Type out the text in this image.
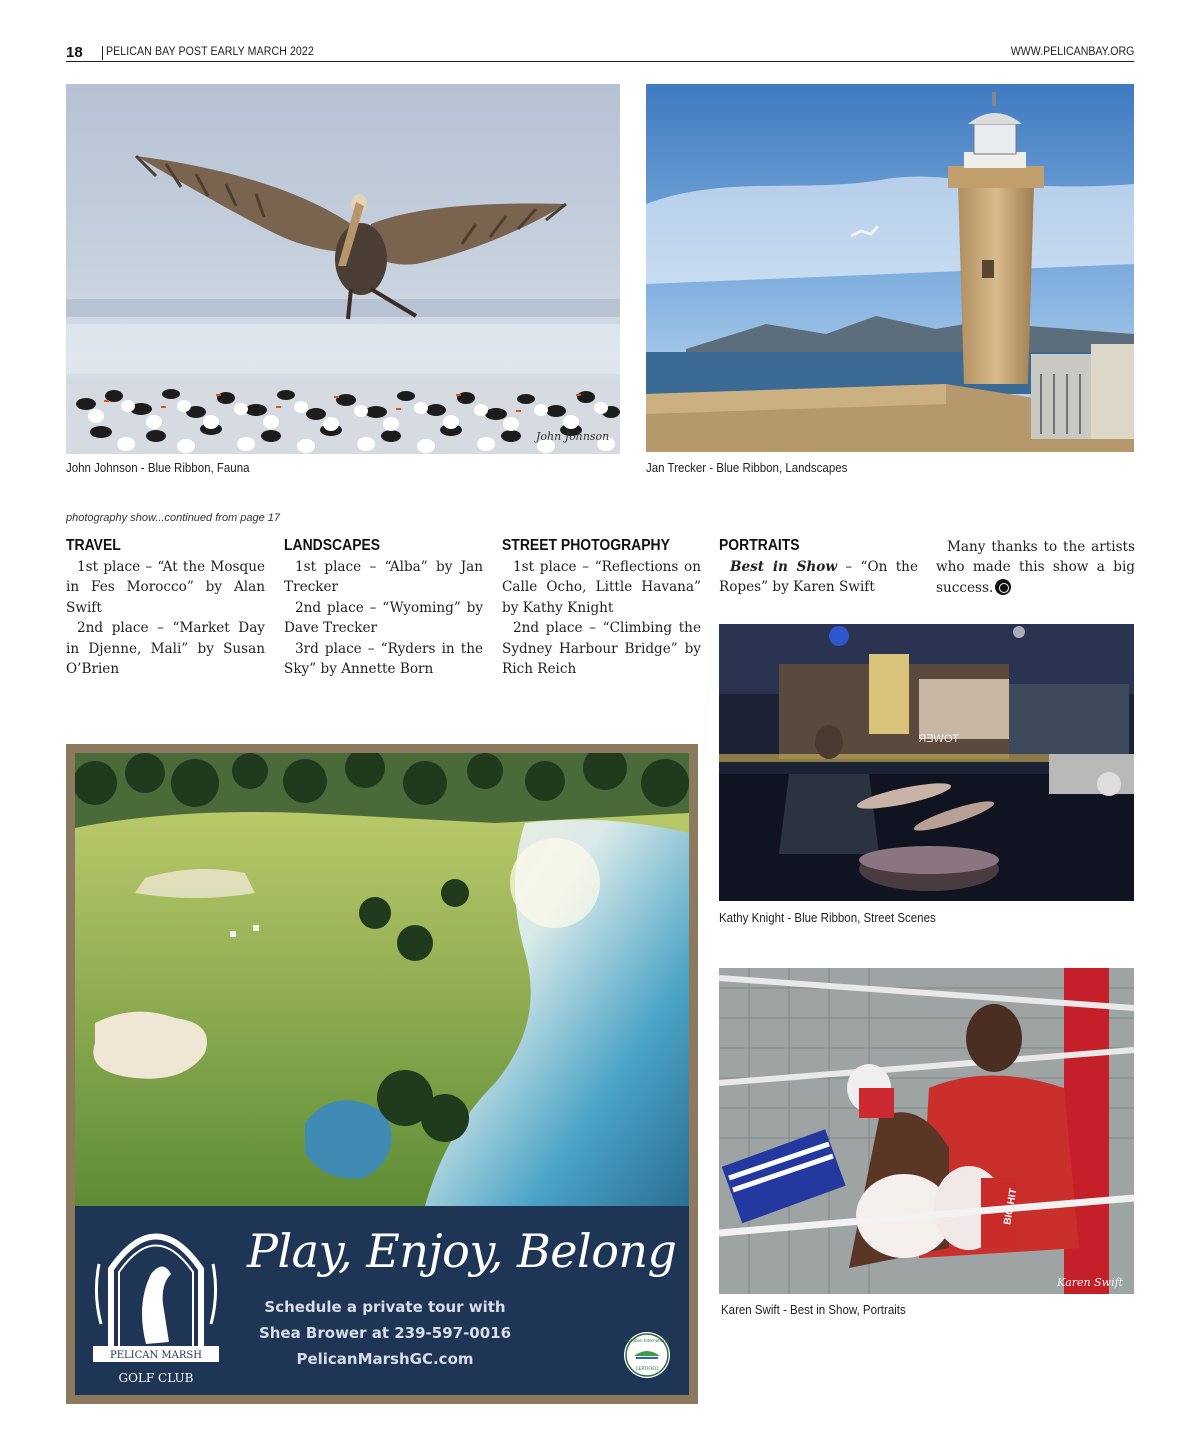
18 PELICAN BAY POST EARLY MARCH 2022	WWW.PELICANBAY.ORG
John Johnson
John Johnson - Blue Ribbon, Fauna	Jan Trecker - Blue Ribbon, Landscapes
photography show...continued from page 17
TRAVEL

1st place – “At the Mosque in Fes Morocco” by Alan Swift

2nd place – “Market Day in Djenne, Mali” by Susan O’Brien

LANDSCAPES

1st place – “Alba” by Jan Trecker

2nd place – “Wyoming” by Dave Trecker

3rd place – “Ryders in the Sky” by Annette Born

STREET PHOTOGRAPHY

1st place – “Reflections on Calle Ocho, Little Havana” by Kathy Knight

2nd place – “Climbing the Sydney Harbour Bridge” by Rich Reich

PORTRAITS

Best in Show – “On the Ropes” by Karen Swift

Many thanks to the artists who made this show a big success.

TOWER
Kathy Knight - Blue Ribbon, Street Scenes
Karen Swift
Karen Swift - Best in Show, Portraits
PELICAN MARSH
GOLF CLUB
Play, Enjoy, Belong
Schedule a private tour with
Shea Brower at 239-597-0016
PelicanMarshGC.com
Audubon International
CERTIFIED
